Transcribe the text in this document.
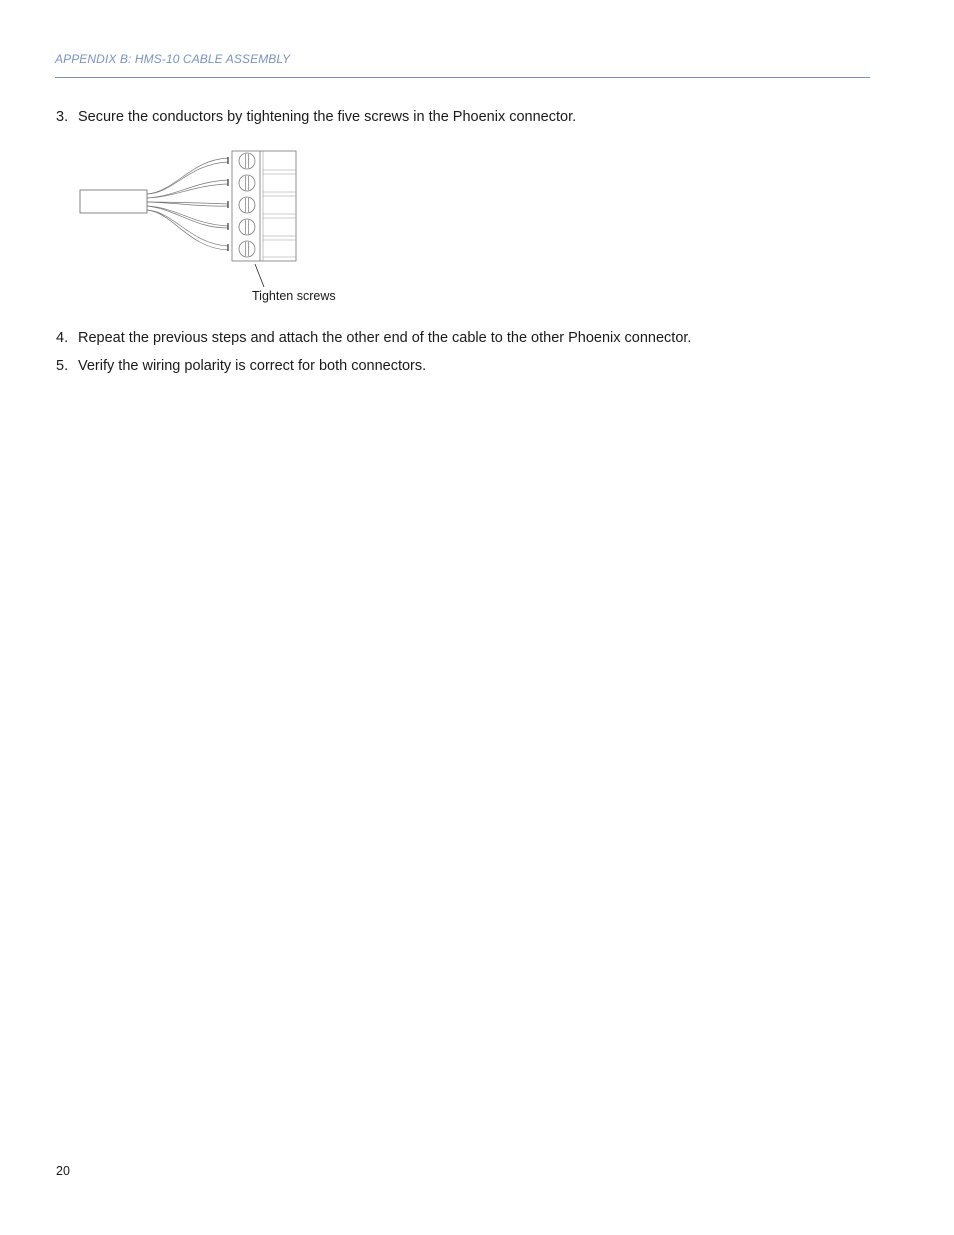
APPENDIX B: HMS-10 CABLE ASSEMBLY
3. Secure the conductors by tightening the five screws in the Phoenix connector.
Tighten screws
4. Repeat the previous steps and attach the other end of the cable to the other Phoenix connector.
5. Verify the wiring polarity is correct for both connectors.
20
